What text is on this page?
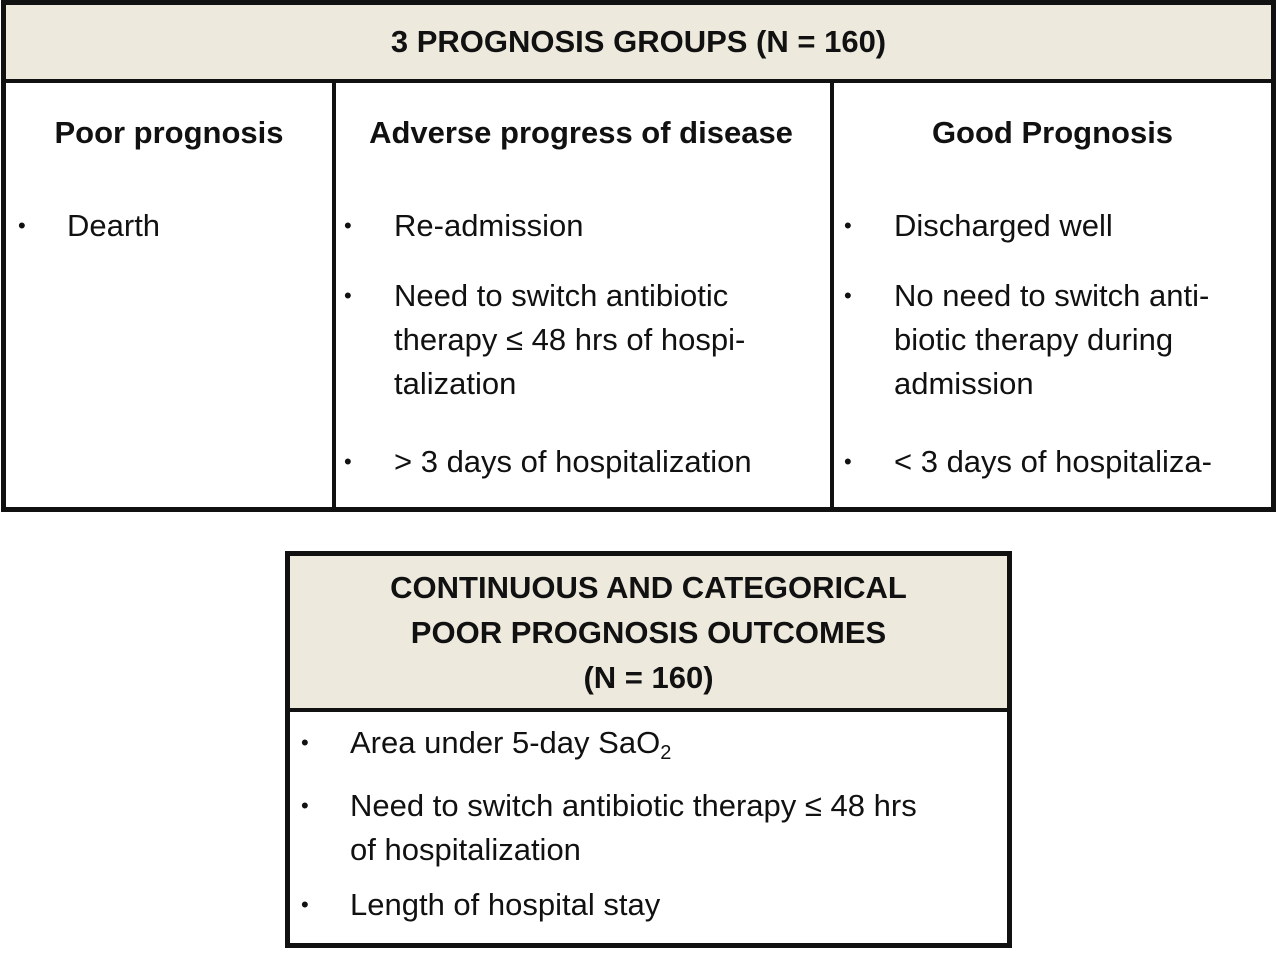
3 PROGNOSIS GROUPS (N = 160)
Poor prognosis
• Dearth
Adverse progress of disease
• Re-admission
• Need to switch antibiotic
therapy ≤ 48 hrs of hospi-
talization
• > 3 days of hospitalization
Good Prognosis
• Discharged well
• No need to switch anti-
biotic therapy during
admission
• < 3 days of hospitaliza-
CONTINUOUS AND CATEGORICAL
POOR PROGNOSIS OUTCOMES
(N = 160)
• Area under 5-day SaO$_2$
• Need to switch antibiotic therapy ≤ 48 hrs
of hospitalization
• Length of hospital stay
